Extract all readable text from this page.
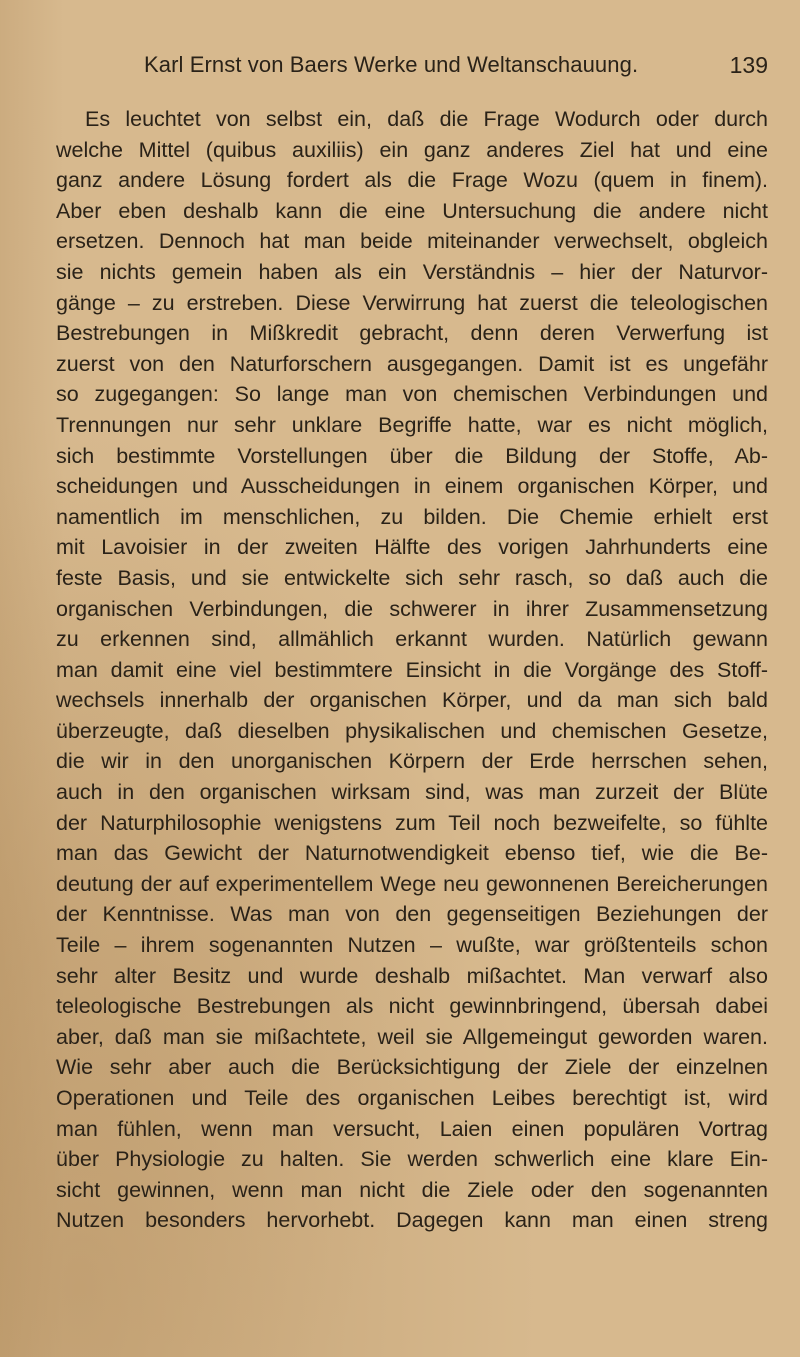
Karl Ernst von Baers Werke und Weltanschauung.	139
Es leuchtet von selbst ein, daß die Frage Wodurch oder durch
welche Mittel (quibus auxiliis) ein ganz anderes Ziel hat und eine
ganz andere Lösung fordert als die Frage Wozu (quem in finem).
Aber eben deshalb kann die eine Untersuchung die andere nicht
ersetzen. Dennoch hat man beide miteinander verwechselt, obgleich
sie nichts gemein haben als ein Verständnis – hier der Naturvor-
gänge – zu erstreben. Diese Verwirrung hat zuerst die teleologischen
Bestrebungen in Mißkredit gebracht, denn deren Verwerfung ist
zuerst von den Naturforschern ausgegangen. Damit ist es ungefähr
so zugegangen: So lange man von chemischen Verbindungen und
Trennungen nur sehr unklare Begriffe hatte, war es nicht möglich,
sich bestimmte Vorstellungen über die Bildung der Stoffe, Ab-
scheidungen und Ausscheidungen in einem organischen Körper, und
namentlich im menschlichen, zu bilden. Die Chemie erhielt erst
mit Lavoisier in der zweiten Hälfte des vorigen Jahrhunderts eine
feste Basis, und sie entwickelte sich sehr rasch, so daß auch die
organischen Verbindungen, die schwerer in ihrer Zusammensetzung
zu erkennen sind, allmählich erkannt wurden. Natürlich gewann
man damit eine viel bestimmtere Einsicht in die Vorgänge des Stoff-
wechsels innerhalb der organischen Körper, und da man sich bald
überzeugte, daß dieselben physikalischen und chemischen Gesetze,
die wir in den unorganischen Körpern der Erde herrschen sehen,
auch in den organischen wirksam sind, was man zurzeit der Blüte
der Naturphilosophie wenigstens zum Teil noch bezweifelte, so fühlte
man das Gewicht der Naturnotwendigkeit ebenso tief, wie die Be-
deutung der auf experimentellem Wege neu gewonnenen Bereicherungen
der Kenntnisse. Was man von den gegenseitigen Beziehungen der
Teile – ihrem sogenannten Nutzen – wußte, war größtenteils schon
sehr alter Besitz und wurde deshalb mißachtet. Man verwarf also
teleologische Bestrebungen als nicht gewinnbringend, übersah dabei
aber, daß man sie mißachtete, weil sie Allgemeingut geworden waren.
Wie sehr aber auch die Berücksichtigung der Ziele der einzelnen
Operationen und Teile des organischen Leibes berechtigt ist, wird
man fühlen, wenn man versucht, Laien einen populären Vortrag
über Physiologie zu halten. Sie werden schwerlich eine klare Ein-
sicht gewinnen, wenn man nicht die Ziele oder den sogenannten
Nutzen besonders hervorhebt. Dagegen kann man einen streng
